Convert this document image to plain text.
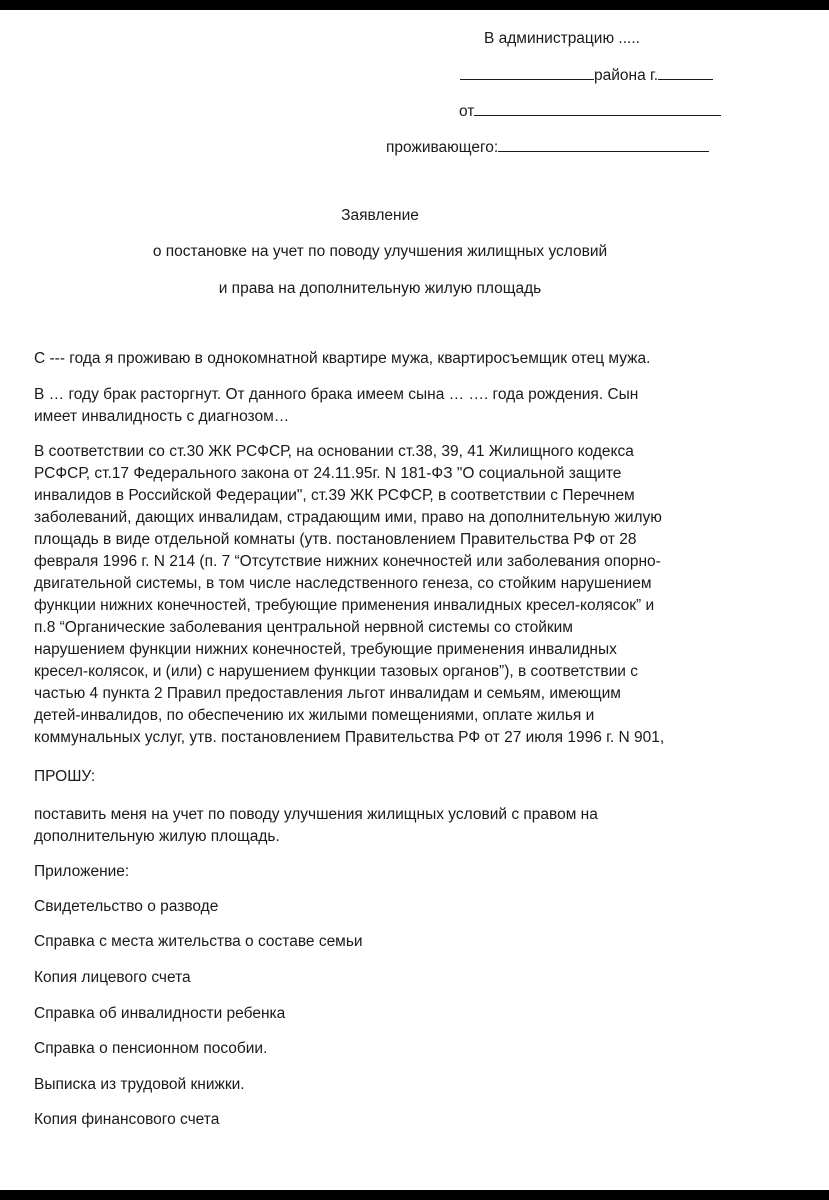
В администрацию .....
района г.
от
проживающего:
Заявление
о постановке на учет по поводу улучшения жилищных условий
и права на дополнительную жилую площадь
С --- года я проживаю в однокомнатной квартире мужа, квартиросъемщик отец мужа.
В … году брак расторгнут. От данного брака имеем сына … …. года рождения. Сын
имеет инвалидность с диагнозом…
В соответствии со ст.30 ЖК РСФСР, на основании ст.38, 39, 41 Жилищного кодекса
РСФСР, ст.17 Федерального закона от 24.11.95г. N 181-ФЗ "О социальной защите
инвалидов в Российской Федерации", ст.39 ЖК РСФСР, в соответствии с Перечнем
заболеваний, дающих инвалидам, страдающим ими, право на дополнительную жилую
площадь в виде отдельной комнаты (утв. постановлением Правительства РФ от 28
февраля 1996 г. N 214 (п. 7 “Отсутствие нижних конечностей или заболевания опорно-
двигательной системы, в том числе наследственного генеза, со стойким нарушением
функции нижних конечностей, требующие применения инвалидных кресел-колясок” и
п.8 “Органические заболевания центральной нервной системы со стойким
нарушением функции нижних конечностей, требующие применения инвалидных
кресел-колясок, и (или) с нарушением функции тазовых органов”), в соответствии с
частью 4 пункта 2 Правил предоставления льгот инвалидам и семьям, имеющим
детей-инвалидов, по обеспечению их жилыми помещениями, оплате жилья и
коммунальных услуг, утв. постановлением Правительства РФ от 27 июля 1996 г. N 901,
ПРОШУ:
поставить меня на учет по поводу улучшения жилищных условий с правом на
дополнительную жилую площадь.
Приложение:
Свидетельство о разводе
Справка с места жительства о составе семьи
Копия лицевого счета
Справка об инвалидности ребенка
Справка о пенсионном пособии.
Выписка из трудовой книжки.
Копия финансового счета
